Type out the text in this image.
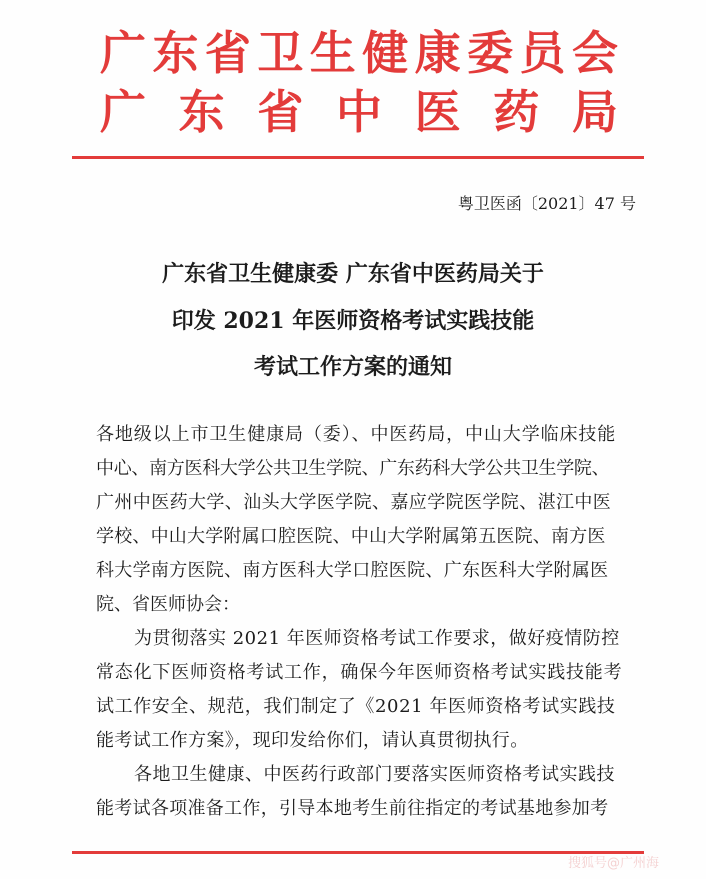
广 东 省 卫 生 健 康 委 员 会
广 东 省 中 医 药 局
粤卫医函〔2021〕47 号
广东省卫生健康委 广东省中医药局关于
印发 2021 年医师资格考试实践技能
考试工作方案的通知
各地级以上市卫生健康局（委）、中医药局，中山大学临床技能
中心、南方医科大学公共卫生学院、广东药科大学公共卫生学院、
广州中医药大学、汕头大学医学院、嘉应学院医学院、湛江中医
学校、中山大学附属口腔医院、中山大学附属第五医院、南方医
科大学南方医院、南方医科大学口腔医院、广东医科大学附属医
院、省医师协会：
为贯彻落实 2021 年医师资格考试工作要求，做好疫情防控
常态化下医师资格考试工作，确保今年医师资格考试实践技能考
试工作安全、规范，我们制定了《2021 年医师资格考试实践技
能考试工作方案》，现印发给你们，请认真贯彻执行。
各地卫生健康、中医药行政部门要落实医师资格考试实践技
能考试各项准备工作，引导本地考生前往指定的考试基地参加考
搜狐号@广州海
